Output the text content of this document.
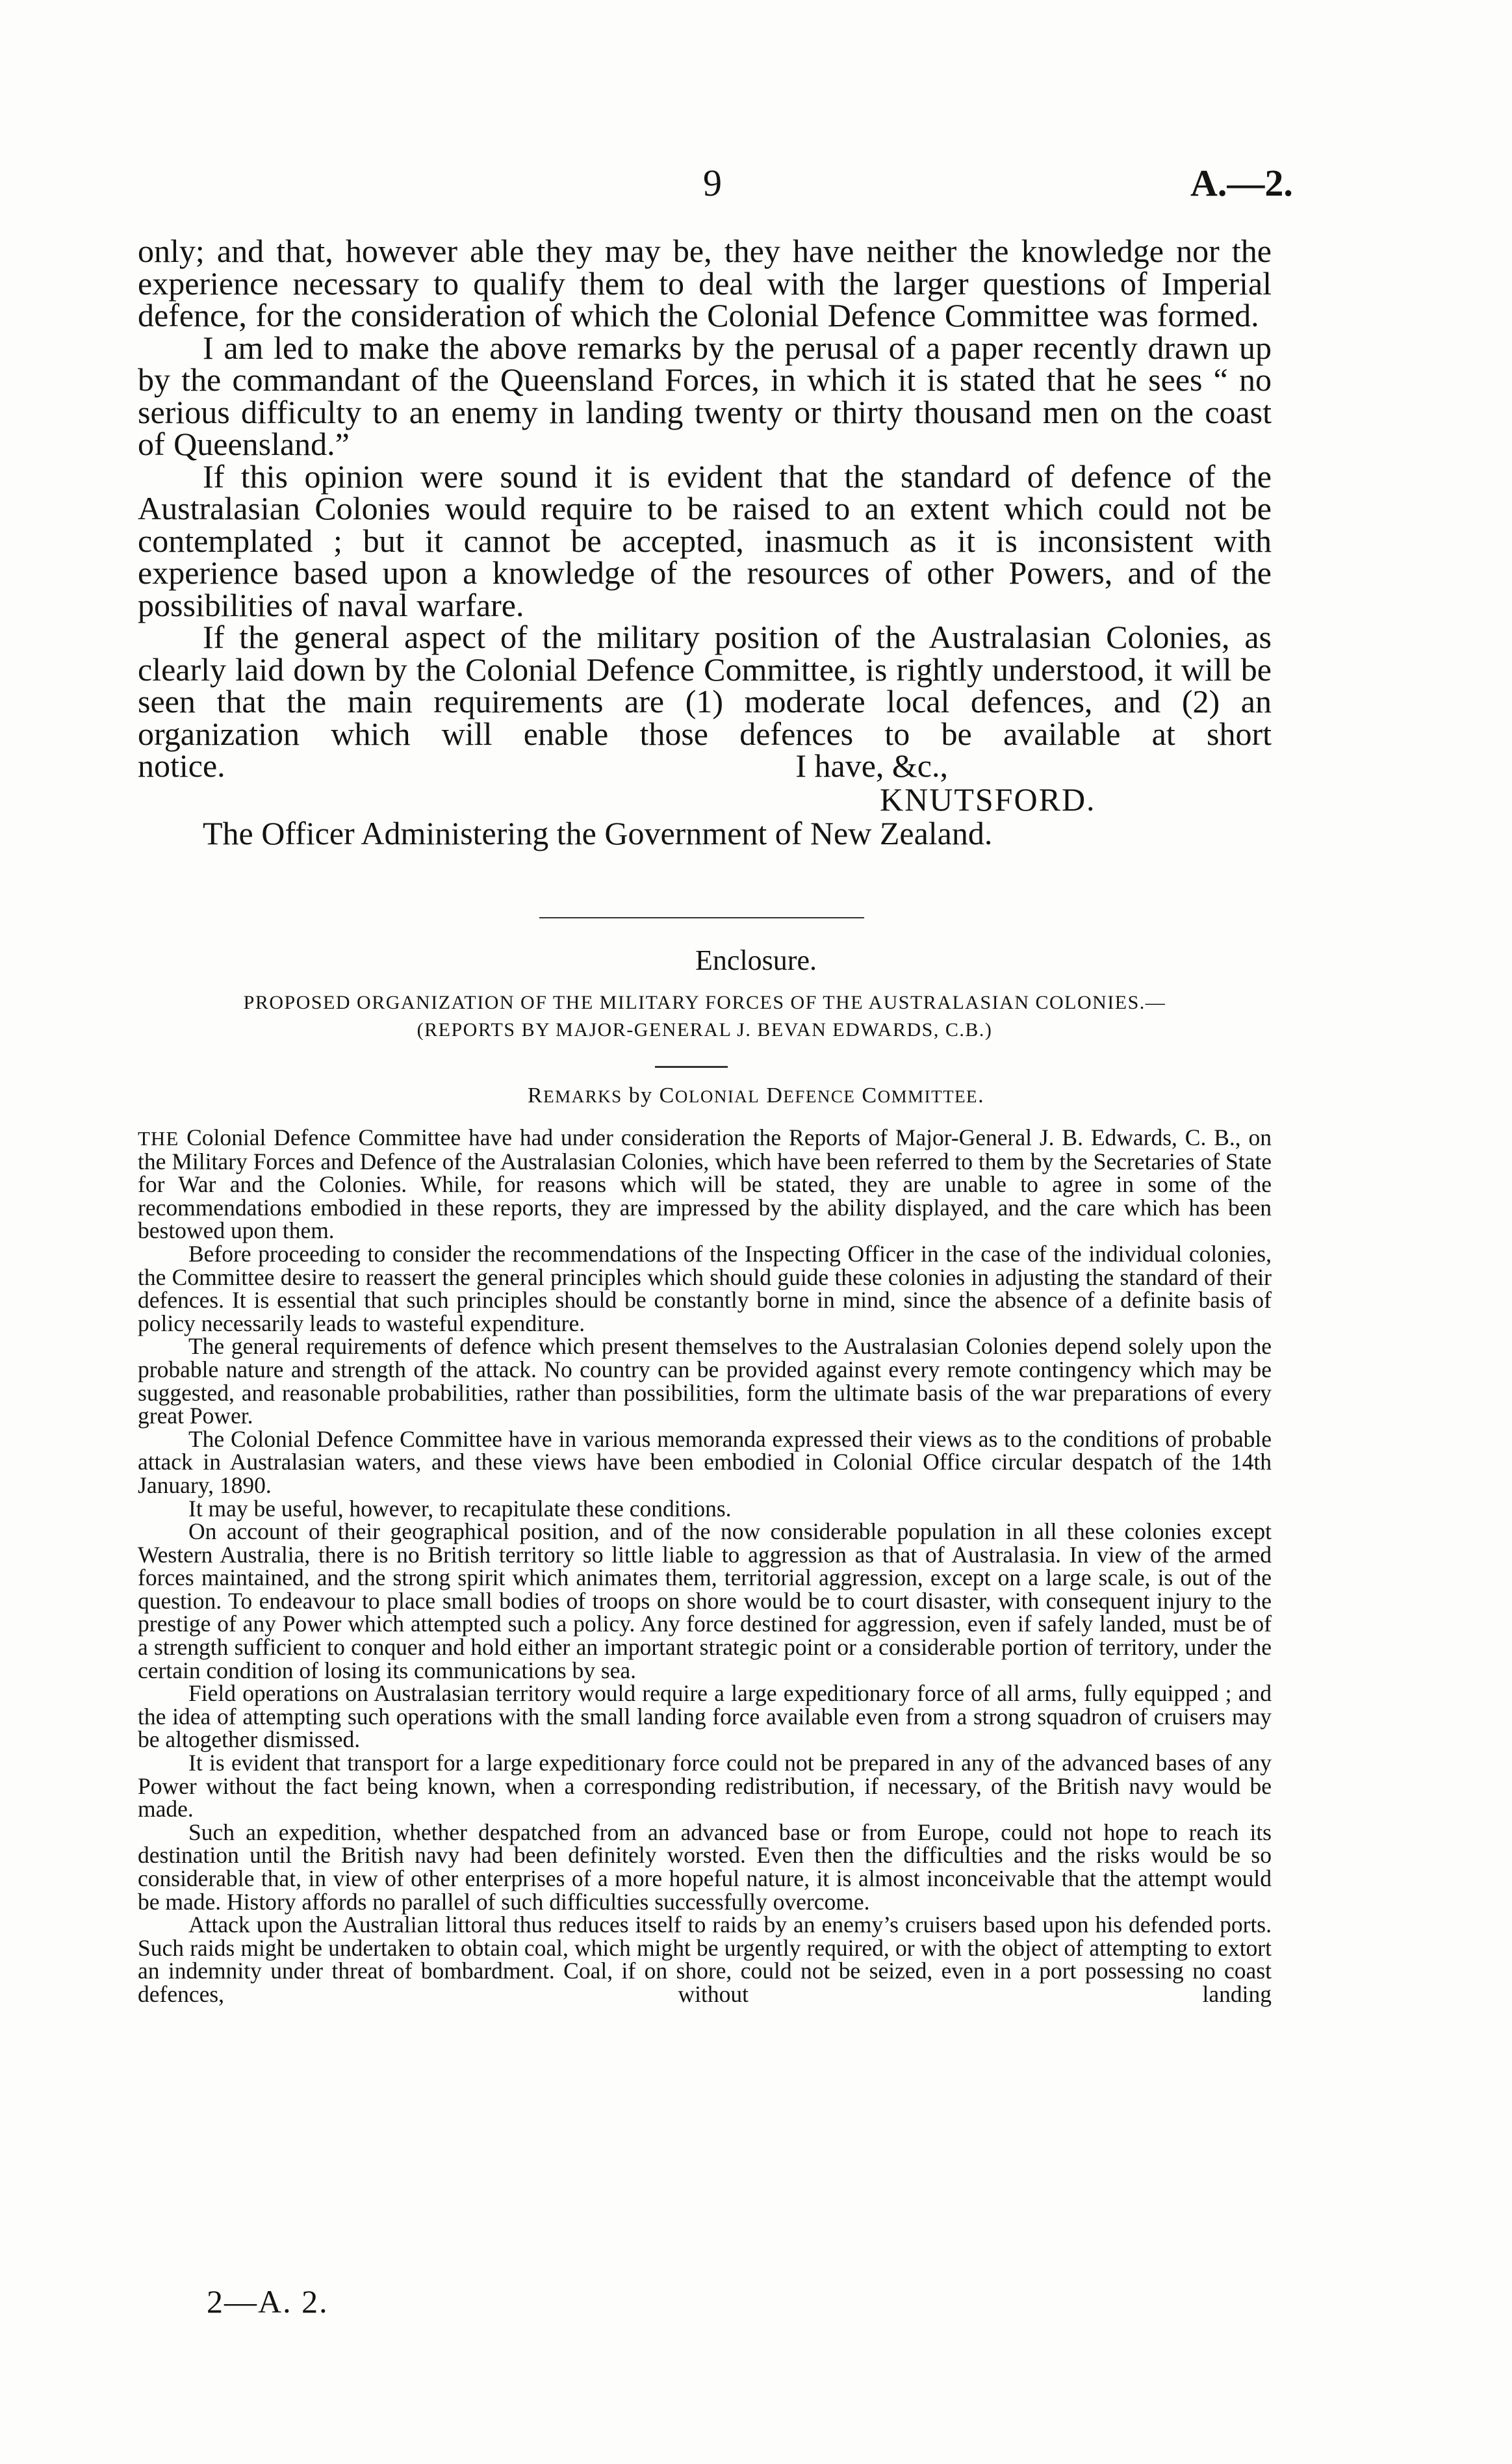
9	A.—2.

only; and that, however able they may be, they have neither the knowledge nor the experience necessary to qualify them to deal with the larger questions of Imperial defence, for the consideration of which the Colonial Defence Committee was formed.

I am led to make the above remarks by the perusal of a paper recently drawn up by the commandant of the Queensland Forces, in which it is stated that he sees “ no serious difficulty to an enemy in landing twenty or thirty thousand men on the coast of Queensland.”

If this opinion were sound it is evident that the standard of defence of the Australasian Colonies would require to be raised to an extent which could not be contemplated ; but it cannot be accepted, inasmuch as it is inconsistent with experience based upon a knowledge of the resources of other Powers, and of the possibilities of naval warfare.

If the general aspect of the military position of the Australasian Colonies, as clearly laid down by the Colonial Defence Committee, is rightly understood, it will be seen that the main requirements are (1) moderate local defences, and (2) an organization which will enable those defences to be available at short

notice.	I have, &c.,
KNUTSFORD.
The Officer Administering the Government of New Zealand.
Enclosure.
PROPOSED ORGANIZATION OF THE MILITARY FORCES OF THE AUSTRALASIAN COLONIES.—
(REPORTS BY MAJOR-GENERAL J. BEVAN EDWARDS, C.B.)
REMARKS by COLONIAL DEFENCE COMMITTEE.

THE Colonial Defence Committee have had under consideration the Reports of Major-General J. B. Edwards, C. B., on the Military Forces and Defence of the Australasian Colonies, which have been referred to them by the Secretaries of State for War and the Colonies. While, for reasons which will be stated, they are unable to agree in some of the recommendations embodied in these reports, they are impressed by the ability displayed, and the care which has been bestowed upon them.

Before proceeding to consider the recommendations of the Inspecting Officer in the case of the individual colonies, the Committee desire to reassert the general principles which should guide these colonies in adjusting the standard of their defences. It is essential that such principles should be constantly borne in mind, since the absence of a definite basis of policy necessarily leads to wasteful expenditure.

The general requirements of defence which present themselves to the Australasian Colonies depend solely upon the probable nature and strength of the attack. No country can be provided against every remote contingency which may be suggested, and reasonable probabilities, rather than possibilities, form the ultimate basis of the war preparations of every great Power.

The Colonial Defence Committee have in various memoranda expressed their views as to the conditions of probable attack in Australasian waters, and these views have been embodied in Colonial Office circular despatch of the 14th January, 1890.

It may be useful, however, to recapitulate these conditions.

On account of their geographical position, and of the now considerable population in all these colonies except Western Australia, there is no British territory so little liable to aggression as that of Australasia. In view of the armed forces maintained, and the strong spirit which animates them, territorial aggression, except on a large scale, is out of the question. To endeavour to place small bodies of troops on shore would be to court disaster, with consequent injury to the prestige of any Power which attempted such a policy. Any force destined for aggression, even if safely landed, must be of a strength sufficient to conquer and hold either an important strategic point or a considerable portion of territory, under the certain condition of losing its communications by sea.

Field operations on Australasian territory would require a large expeditionary force of all arms, fully equipped ; and the idea of attempting such operations with the small landing force available even from a strong squadron of cruisers may be altogether dismissed.

It is evident that transport for a large expeditionary force could not be prepared in any of the advanced bases of any Power without the fact being known, when a corresponding redistribution, if necessary, of the British navy would be made.

Such an expedition, whether despatched from an advanced base or from Europe, could not hope to reach its destination until the British navy had been definitely worsted. Even then the difficulties and the risks would be so considerable that, in view of other enterprises of a more hopeful nature, it is almost inconceivable that the attempt would be made. History affords no parallel of such difficulties successfully overcome.

Attack upon the Australian littoral thus reduces itself to raids by an enemy’s cruisers based upon his defended ports. Such raids might be undertaken to obtain coal, which might be urgently required, or with the object of attempting to extort an indemnity under threat of bombardment. Coal, if on shore, could not be seized, even in a port possessing no coast defences, without landing

2—A. 2.
